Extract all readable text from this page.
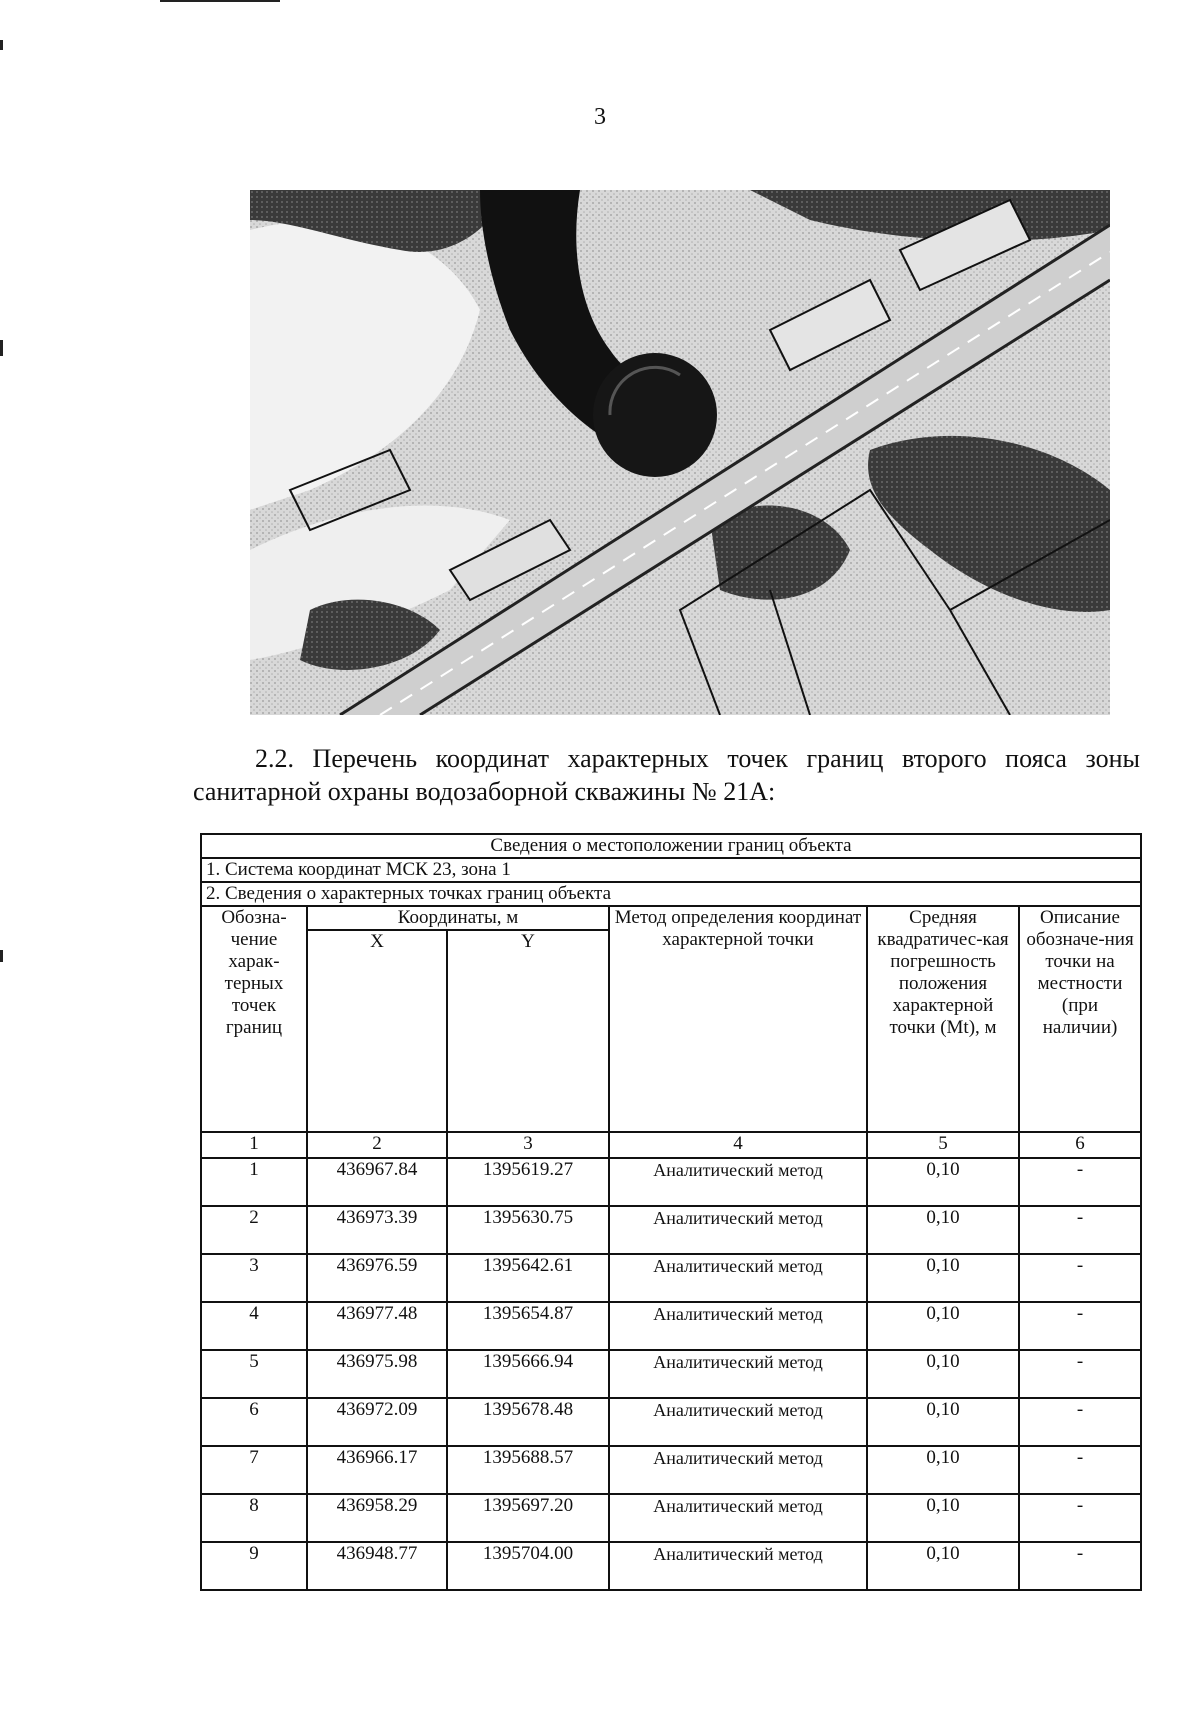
3
2.2. Перечень координат характерных точек границ второго пояса зоны санитарной охраны водозаборной скважины № 21А:
Сведения о местоположении границ объекта					
1. Система координат МСК 23, зона 1					
2. Сведения о характерных точках границ объекта					
Обозна-чение харак-терных точек границ	Координаты, м		Метод определения координат характерной точки	Средняя квадратичес-кая погрешность положения характерной точки (Mt), м	Описание обозначе-ния точки на местности (при наличии)
	X	Y			
1	2	3	4	5	6
1	436967.84	1395619.27	Аналитический метод	0,10	-
2	436973.39	1395630.75	Аналитический метод	0,10	-
3	436976.59	1395642.61	Аналитический метод	0,10	-
4	436977.48	1395654.87	Аналитический метод	0,10	-
5	436975.98	1395666.94	Аналитический метод	0,10	-
6	436972.09	1395678.48	Аналитический метод	0,10	-
7	436966.17	1395688.57	Аналитический метод	0,10	-
8	436958.29	1395697.20	Аналитический метод	0,10	-
9	436948.77	1395704.00	Аналитический метод	0,10	-
